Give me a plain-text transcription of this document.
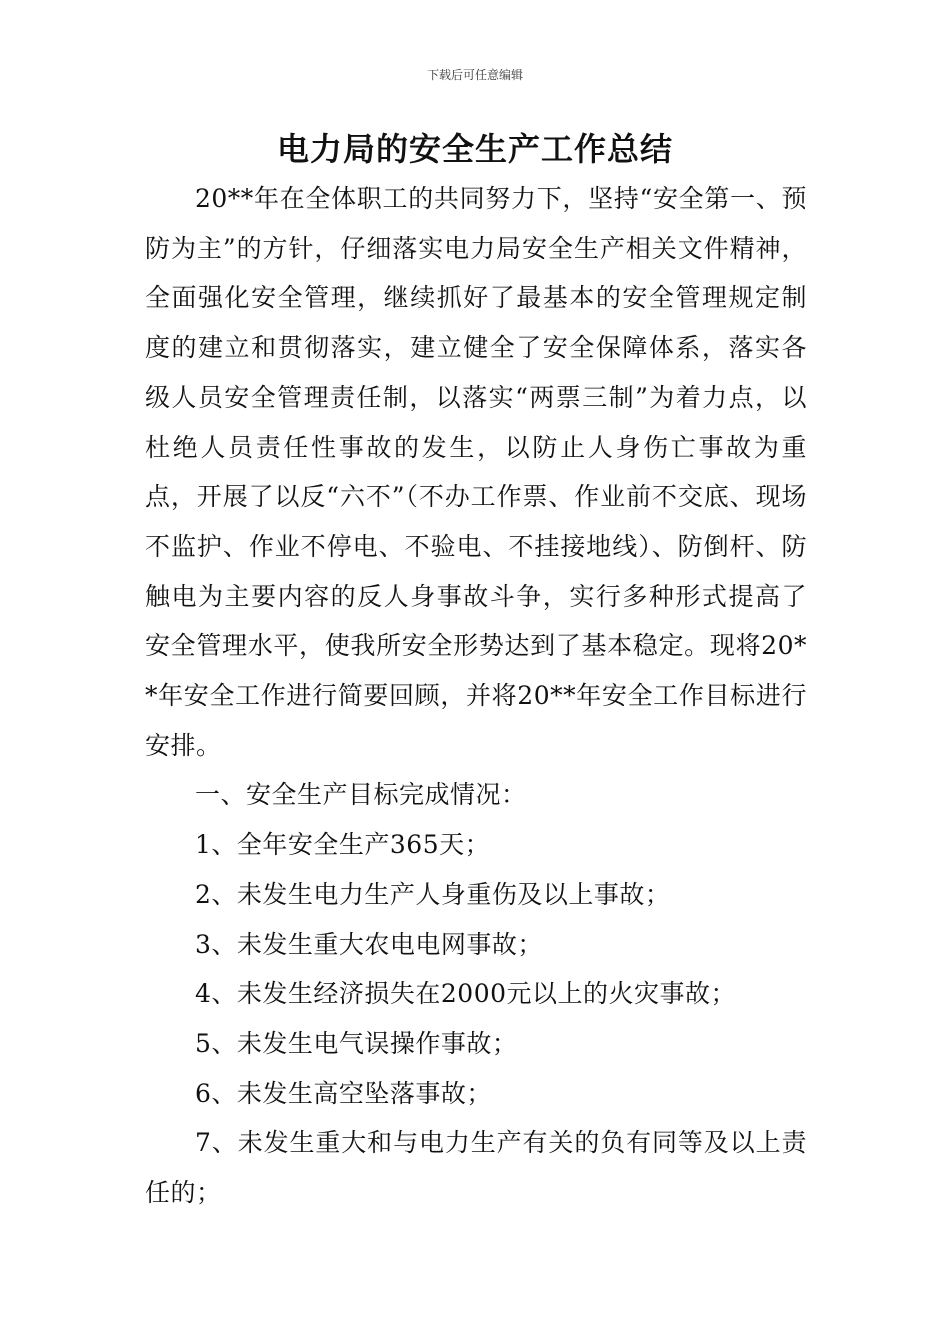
下载后可任意编辑
电力局的安全生产工作总结

20**年在全体职工的共同努力下，坚持“安全第一、预防为主”的方针，仔细落实电力局安全生产相关文件精神，全面强化安全管理，继续抓好了最基本的安全管理规定制度的建立和贯彻落实，建立健全了安全保障体系，落实各级人员安全管理责任制，以落实“两票三制”为着力点，以杜绝人员责任性事故的发生，以防止人身伤亡事故为重点，开展了以反“六不”（不办工作票、作业前不交底、现场不监护、作业不停电、不验电、不挂接地线）、防倒杆、防触电为主要内容的反人身事故斗争，实行多种形式提高了安全管理水平，使我所安全形势达到了基本稳定。现将20**年安全工作进行简要回顾，并将20**年安全工作目标进行安排。

一、安全生产目标完成情况：

1、全年安全生产365天；

2、未发生电力生产人身重伤及以上事故；

3、未发生重大农电电网事故；

4、未发生经济损失在2000元以上的火灾事故；

5、未发生电气误操作事故；

6、未发生高空坠落事故；

7、未发生重大和与电力生产有关的负有同等及以上责任的；
